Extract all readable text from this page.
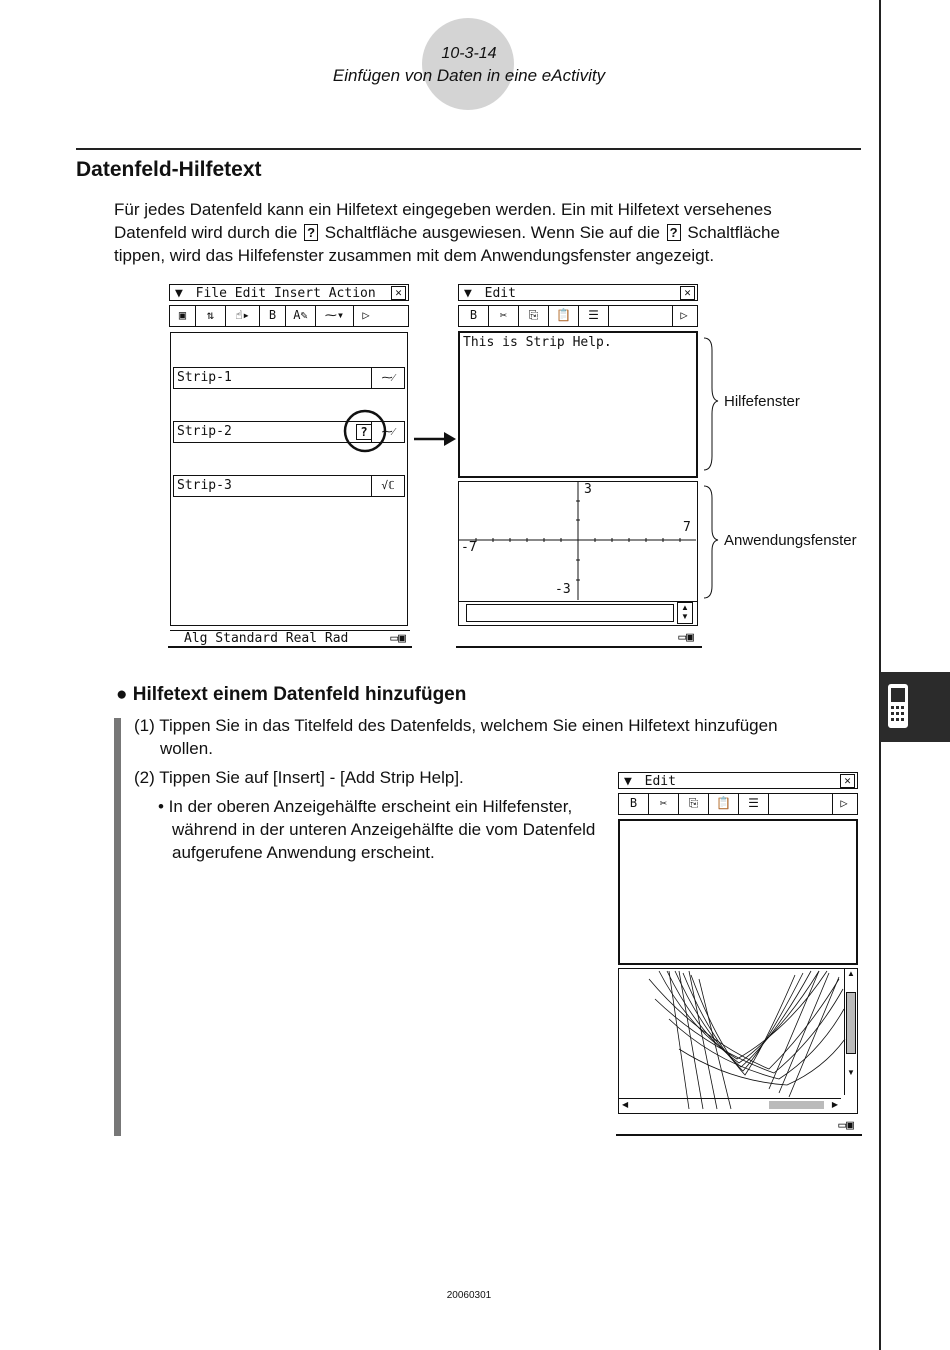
10-3-14
Einfügen von Daten in eine eActivity
Datenfeld-Hilfetext
Für jedes Datenfeld kann ein Hilfetext eingegeben werden. Ein mit Hilfetext versehenes Datenfeld wird durch die ? Schaltfläche ausgewiesen. Wenn Sie auf die ? Schaltfläche tippen, wird das Hilfefenster zusammen mit dem Anwendungsfenster angezeigt.
▼ File Edit Insert Action	✕
▣	⇅	☝▸	B	A✎	⁓▾	▷
Strip-1	⁓⁄
Strip-2	⁓⁄
?
Strip-3	√ℂ
Alg Standard Real Rad	▭▣
▼ Edit	✕
B	✂	⎘	📋	☰	▷
This is Strip Help.
3
7
-7
-3
▲
▼
▭▣
Hilfefenster
Anwendungsfenster
● Hilfetext einem Datenfeld hinzufügen
(1) Tippen Sie in das Titelfeld des Datenfelds, welchem Sie einen Hilfetext hinzufügen
wollen.
(2) Tippen Sie auf [Insert] - [Add Strip Help].
• In der oberen Anzeigehälfte erscheint ein Hilfefenster, während in der unteren Anzeigehälfte die vom Datenfeld aufgerufene Anwendung erscheint.
▼ Edit	✕
B	✂	⎘	📋	☰	▷
▲
▼
◀	▶
▭▣
20060301
